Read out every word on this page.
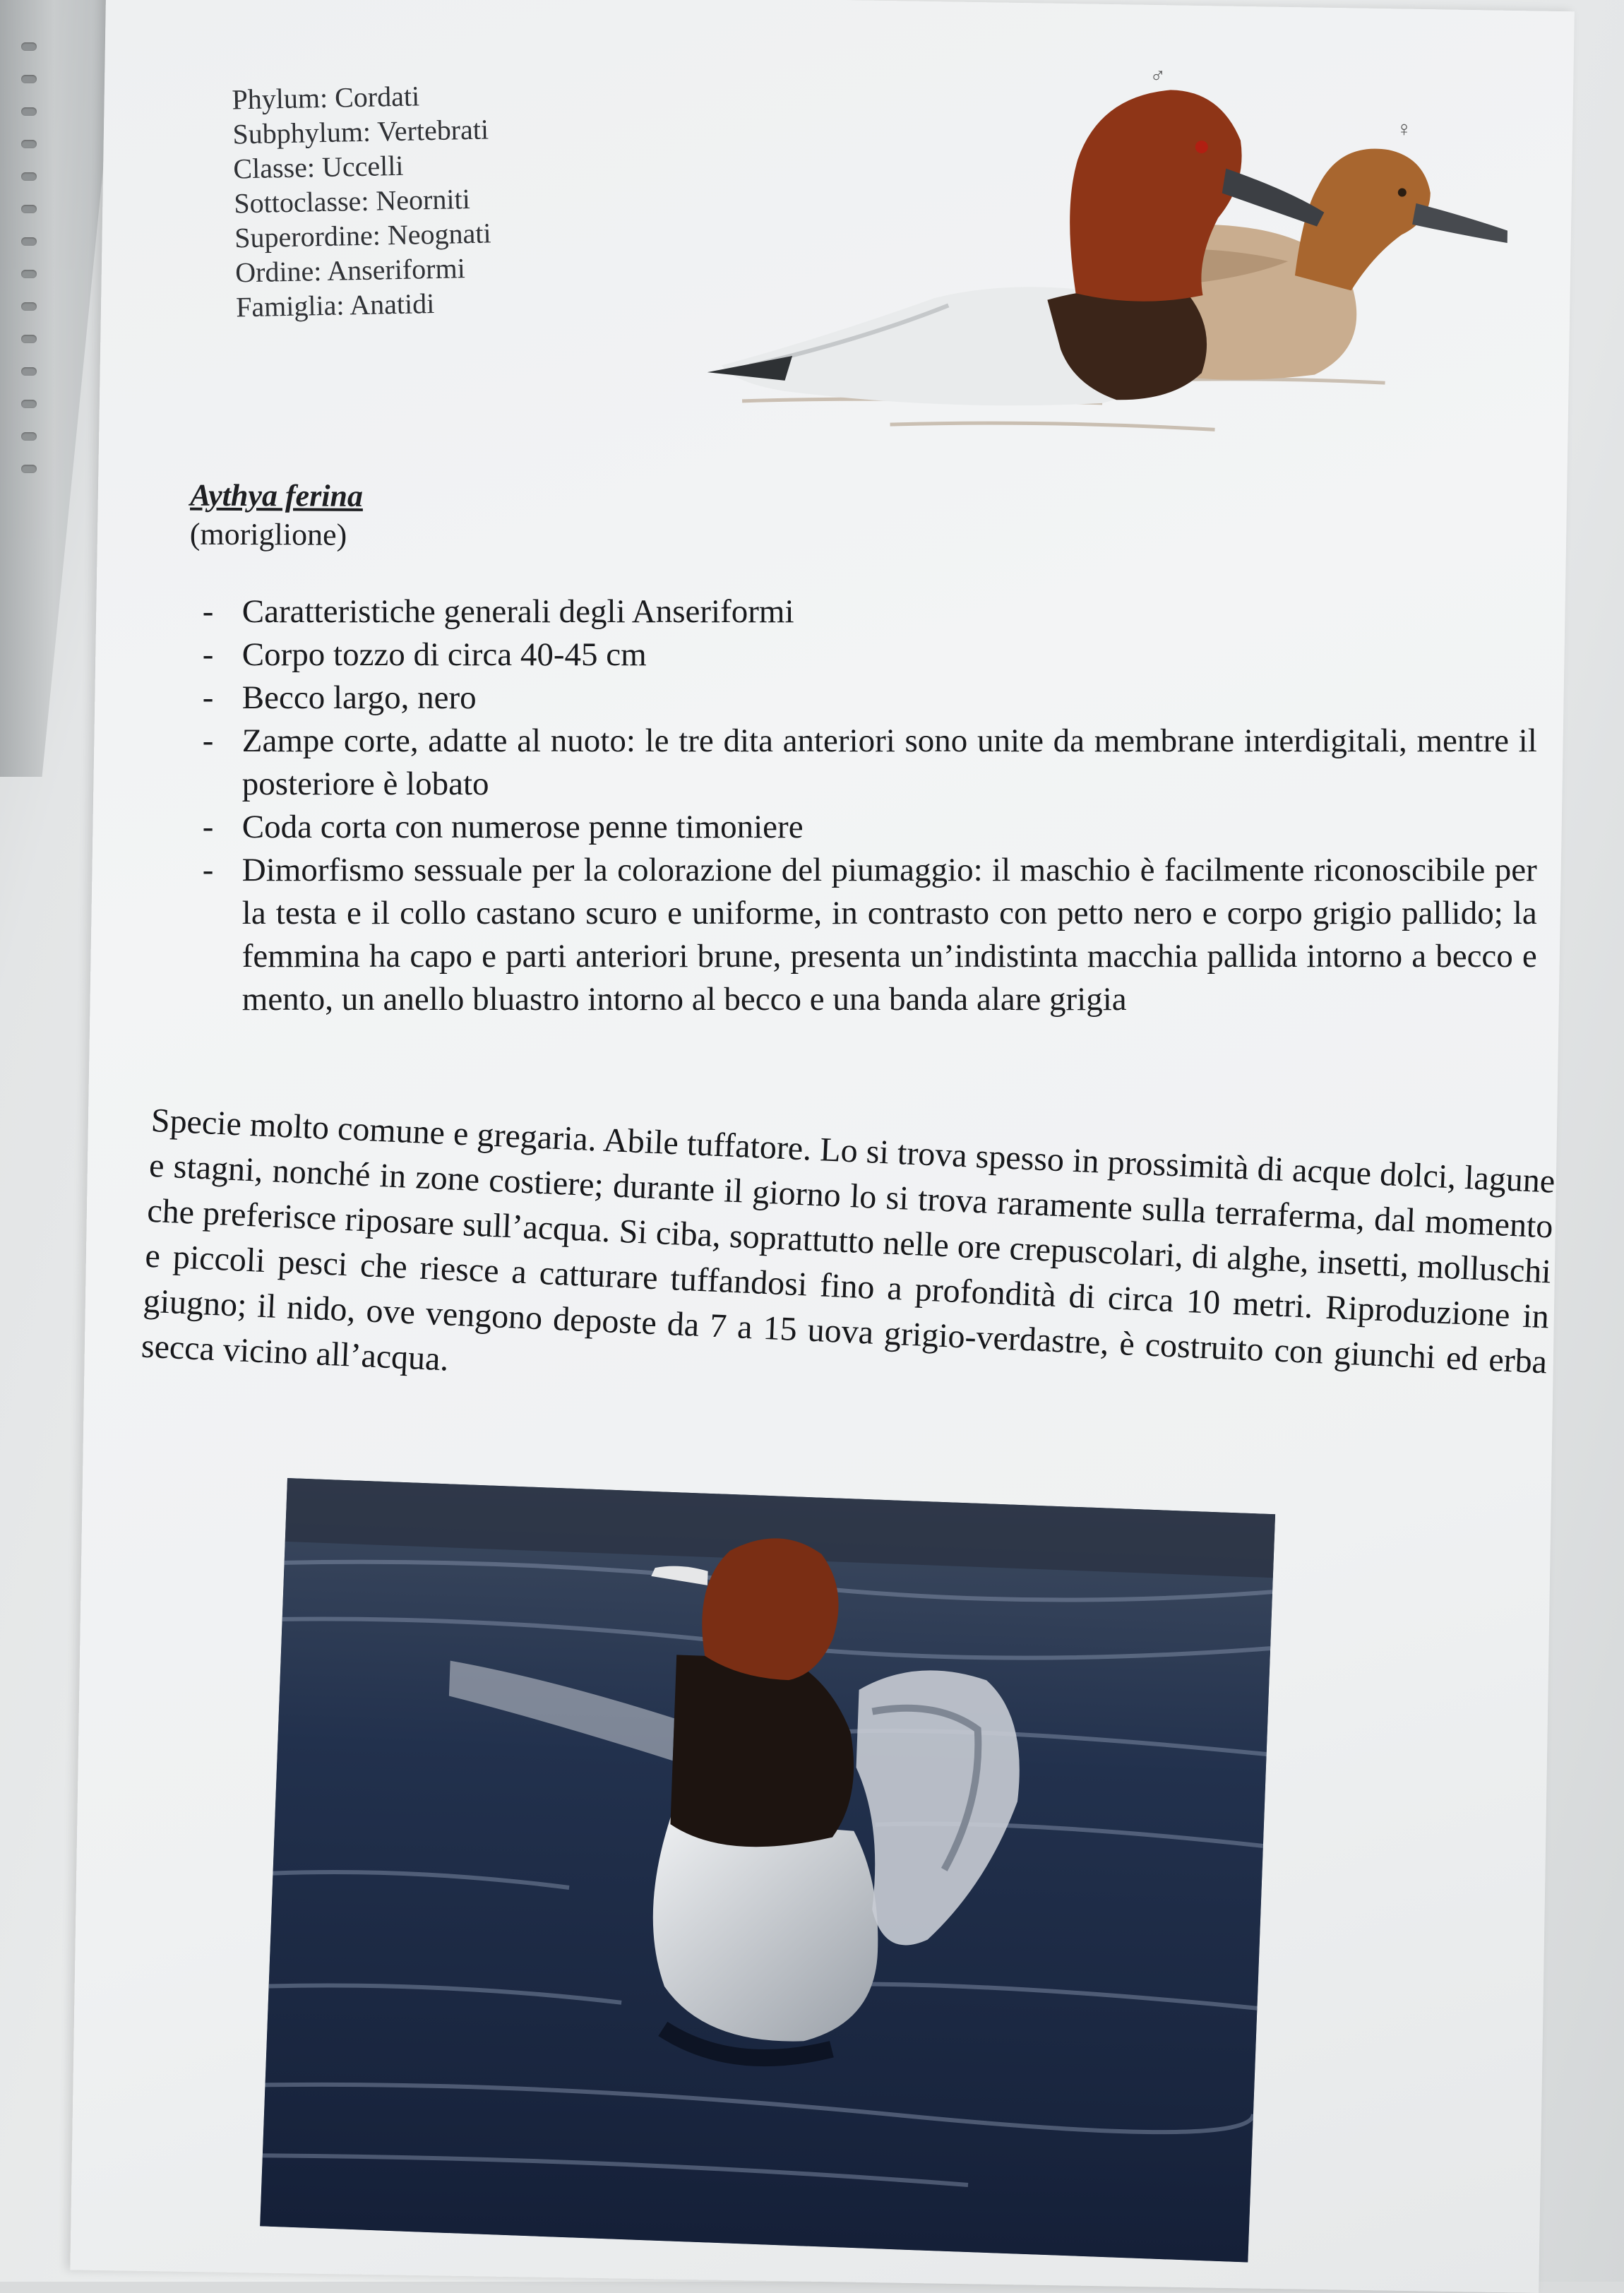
Phylum: Cordati
Subphylum: Vertebrati
Classe: Uccelli
Sottoclasse: Neorniti
Superordine: Neognati
Ordine: Anseriformi
Famiglia: Anatidi
♂
♀
Aythya ferina
(moriglione)
- Caratteristiche generali degli Anseriformi
- Corpo tozzo di circa 40-45 cm
- Becco largo, nero
- Zampe corte, adatte al nuoto: le tre dita anteriori sono unite da membrane interdigitali, mentre il posteriore è lobato
- Coda corta con numerose penne timoniere
- Dimorfismo sessuale per la colorazione del piumaggio: il maschio è facilmente riconoscibile per la testa e il collo castano scuro e uniforme, in contrasto con petto nero e corpo grigio pallido; la femmina ha capo e parti anteriori brune, presenta un’indistinta macchia pallida intorno a becco e mento, un anello bluastro intorno al becco e una banda alare grigia

Specie molto comune e gregaria. Abile tuffatore. Lo si trova spesso in prossimità di acque dolci, lagune e stagni, nonché in zone costiere; durante il giorno lo si trova raramente sulla terraferma, dal momento che preferisce riposare sull’acqua. Si ciba, soprattutto nelle ore crepuscolari, di alghe, insetti, molluschi e piccoli pesci che riesce a catturare tuffandosi fino a profondità di circa 10 metri. Riproduzione in giugno; il nido, ove vengono deposte da 7 a 15 uova grigio-verdastre, è costruito con giunchi ed erba secca vicino all’acqua.
